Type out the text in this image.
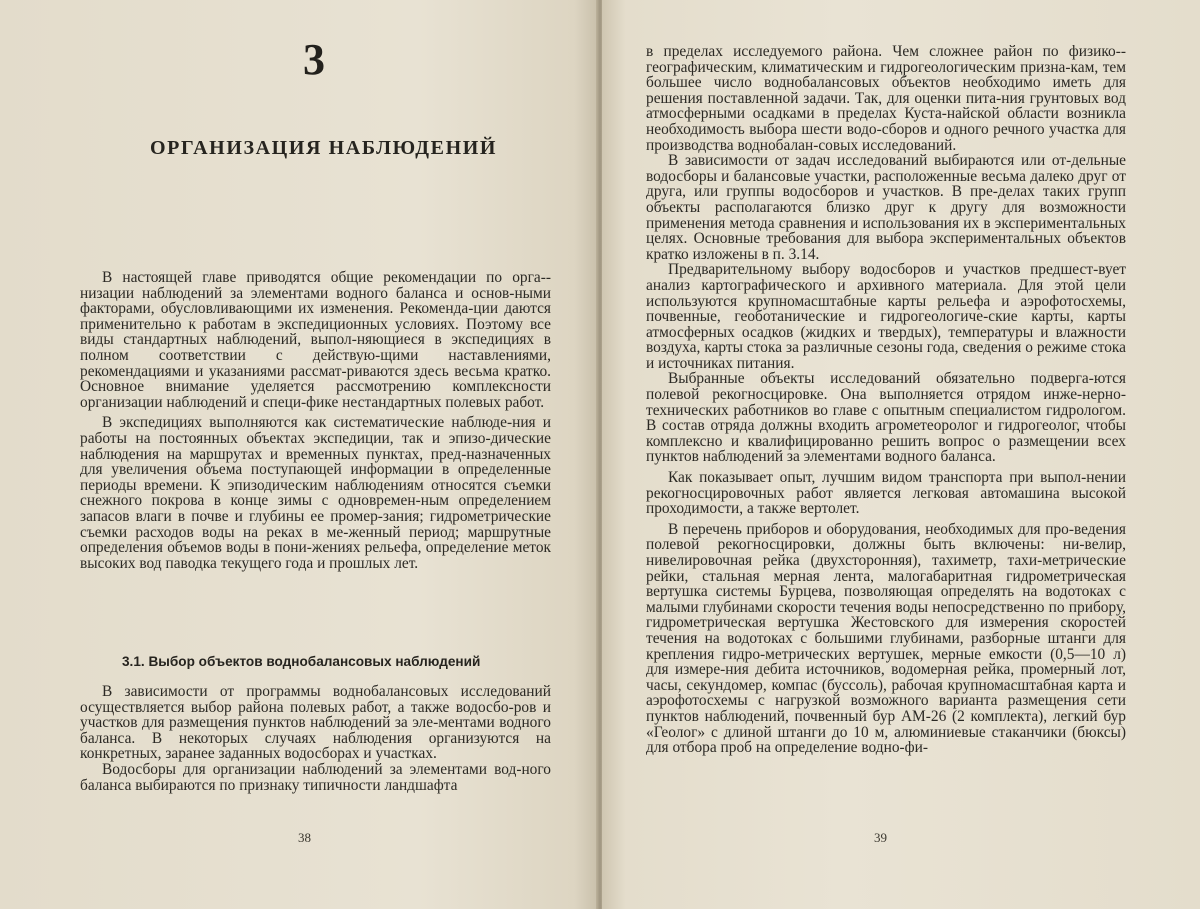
3
ОРГАНИЗАЦИЯ НАБЛЮДЕНИЙ

В настоящей главе приводятся общие рекомендации по орга-низации наблюдений за элементами водного баланса и основ-ными факторами, обусловливающими их изменения. Рекоменда-ции даются применительно к работам в экспедиционных условиях. Поэтому все виды стандартных наблюдений, выпол-няющиеся в экспедициях в полном соответствии с действую-щими наставлениями, рекомендациями и указаниями рассмат-риваются здесь весьма кратко. Основное внимание уделяется рассмотрению комплексности организации наблюдений и специ-фике нестандартных полевых работ.

В экспедициях выполняются как систематические наблюде-ния и работы на постоянных объектах экспедиции, так и эпизо-дические наблюдения на маршрутах и временных пунктах, пред-назначенных для увеличения объема поступающей информации в определенные периоды времени. К эпизодическим наблюдениям относятся съемки снежного покрова в конце зимы с одновремен-ным определением запасов влаги в почве и глубины ее промер-зания; гидрометрические съемки расходов воды на реках в ме-женный период; маршрутные определения объемов воды в пони-жениях рельефа, определение меток высоких вод паводка текущего года и прошлых лет.

3.1. Выбор объектов воднобалансовых наблюдений

В зависимости от программы воднобалансовых исследований осуществляется выбор района полевых работ, а также водосбо-ров и участков для размещения пунктов наблюдений за эле-ментами водного баланса. В некоторых случаях наблюдения организуются на конкретных, заранее заданных водосборах и участках.

Водосборы для организации наблюдений за элементами вод-ного баланса выбираются по признаку типичности ландшафта

38

в пределах исследуемого района. Чем сложнее район по физико-географическим, климатическим и гидрогеологическим призна-кам, тем большее число воднобалансовых объектов необходимо иметь для решения поставленной задачи. Так, для оценки пита-ния грунтовых вод атмосферными осадками в пределах Куста-найской области возникла необходимость выбора шести водо-сборов и одного речного участка для производства воднобалан-совых исследований.

В зависимости от задач исследований выбираются или от-дельные водосборы и балансовые участки, расположенные весьма далеко друг от друга, или группы водосборов и участков. В пре-делах таких групп объекты располагаются близко друг к другу для возможности применения метода сравнения и использования их в экспериментальных целях. Основные требования для выбора экспериментальных объектов кратко изложены в п. 3.14.

Предварительному выбору водосборов и участков предшест-вует анализ картографического и архивного материала. Для этой цели используются крупномасштабные карты рельефа и аэрофотосхемы, почвенные, геоботанические и гидрогеологиче-ские карты, карты атмосферных осадков (жидких и твердых), температуры и влажности воздуха, карты стока за различные сезоны года, сведения о режиме стока и источниках питания.

Выбранные объекты исследований обязательно подверга-ются полевой рекогносцировке. Она выполняется отрядом инже-нерно-технических работников во главе с опытным специалистом гидрологом. В состав отряда должны входить агрометеоролог и гидрогеолог, чтобы комплексно и квалифицированно решить вопрос о размещении всех пунктов наблюдений за элементами водного баланса.

Как показывает опыт, лучшим видом транспорта при выпол-нении рекогносцировочных работ является легковая автомашина высокой проходимости, а также вертолет.

В перечень приборов и оборудования, необходимых для про-ведения полевой рекогносцировки, должны быть включены: ни-велир, нивелировочная рейка (двухсторонняя), тахиметр, тахи-метрические рейки, стальная мерная лента, малогабаритная гидрометрическая вертушка системы Бурцева, позволяющая определять на водотоках с малыми глубинами скорости течения воды непосредственно по прибору, гидрометрическая вертушка Жестовского для измерения скоростей течения на водотоках с большими глубинами, разборные штанги для крепления гидро-метрических вертушек, мерные емкости (0,5—10 л) для измере-ния дебита источников, водомерная рейка, промерный лот, часы, секундомер, компас (буссоль), рабочая крупномасштабная карта и аэрофотосхемы с нагрузкой возможного варианта размещения сети пунктов наблюдений, почвенный бур АМ-26 (2 комплекта), легкий бур «Геолог» с длиной штанги до 10 м, алюминиевые стаканчики (бюксы) для отбора проб на определение водно-фи-

39
